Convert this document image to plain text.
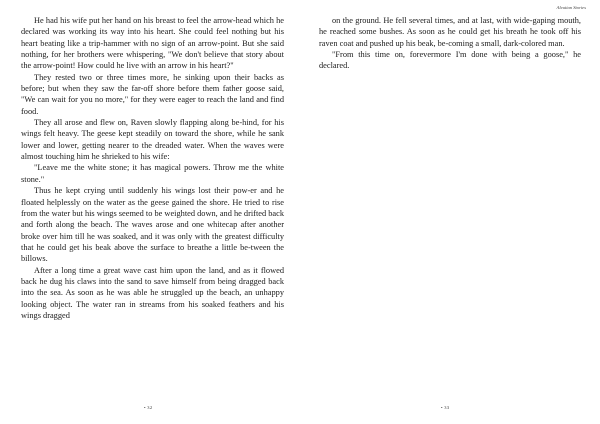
He had his wife put her hand on his breast to feel the arrow-head which he declared was working its way into his heart. She could feel nothing but his heart beating like a trip-hammer with no sign of an arrow-point. But she said nothing, for her brothers were whispering, "We don't believe that story about the arrow-point! How could he live with an arrow in his heart?"

They rested two or three times more, he sinking upon their backs as before; but when they saw the far-off shore before them father goose said, "We can wait for you no more," for they were eager to reach the land and find food.

They all arose and flew on, Raven slowly flapping along be-hind, for his wings felt heavy. The geese kept steadily on toward the shore, while he sank lower and lower, getting nearer to the dreaded water. When the waves were almost touching him he shrieked to his wife:

"Leave me the white stone; it has magical powers. Throw me the white stone."

Thus he kept crying until suddenly his wings lost their pow-er and he floated helplessly on the water as the geese gained the shore. He tried to rise from the water but his wings seemed to be weighted down, and he drifted back and forth along the beach. The waves arose and one whitecap after another broke over him till he was soaked, and it was only with the greatest difficulty that he could get his beak above the surface to breathe a little be-tween the billows.

After a long time a great wave cast him upon the land, and as it flowed back he dug his claws into the sand to save himself from being dragged back into the sea. As soon as he was able he struggled up the beach, an unhappy looking object. The water ran in streams from his soaked feathers and his wings dragged

• 32
Aleutian Stories

on the ground. He fell several times, and at last, with wide-gaping mouth, he reached some bushes. As soon as he could get his breath he took off his raven coat and pushed up his beak, be-coming a small, dark-colored man.

"From this time on, forevermore I'm done with being a goose," he declared.

• 33
